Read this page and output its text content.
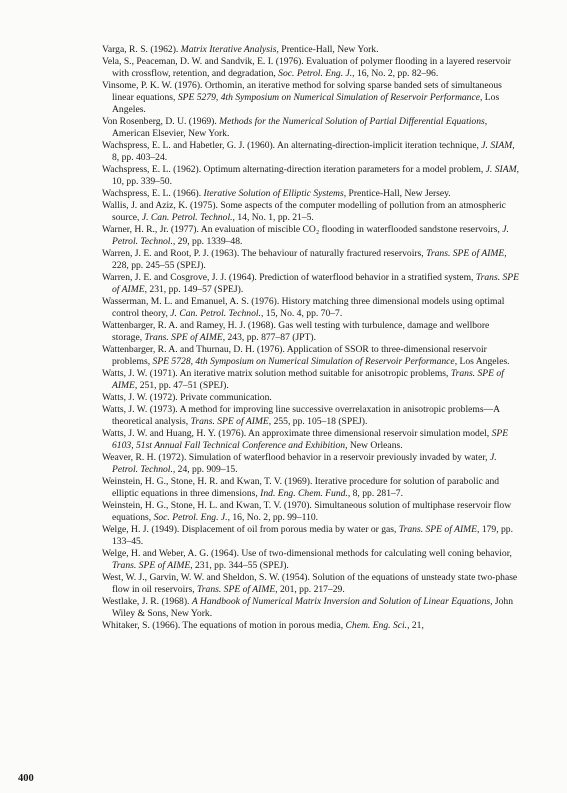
Varga, R. S. (1962). Matrix Iterative Analysis, Prentice-Hall, New York.

Vela, S., Peaceman, D. W. and Sandvik, E. I. (1976). Evaluation of polymer flooding in a layered reservoir with crossflow, retention, and degradation, Soc. Petrol. Eng. J., 16, No. 2, pp. 82–96.

Vinsome, P. K. W. (1976). Orthomin, an iterative method for solving sparse banded sets of simultaneous linear equations, SPE 5279, 4th Symposium on Numerical Simulation of Reservoir Performance, Los Angeles.

Von Rosenberg, D. U. (1969). Methods for the Numerical Solution of Partial Differential Equations, American Elsevier, New York.

Wachspress, E. L. and Habetler, G. J. (1960). An alternating-direction-implicit iteration technique, J. SIAM, 8, pp. 403–24.

Wachspress, E. L. (1962). Optimum alternating-direction iteration parameters for a model problem, J. SIAM, 10, pp. 339–50.

Wachspress, E. L. (1966). Iterative Solution of Elliptic Systems, Prentice-Hall, New Jersey.

Wallis, J. and Aziz, K. (1975). Some aspects of the computer modelling of pollution from an atmospheric source, J. Can. Petrol. Technol., 14, No. 1, pp. 21–5.

Warner, H. R., Jr. (1977). An evaluation of miscible CO₂ flooding in waterflooded sandstone reservoirs, J. Petrol. Technol., 29, pp. 1339–48.

Warren, J. E. and Root, P. J. (1963). The behaviour of naturally fractured reservoirs, Trans. SPE of AIME, 228, pp. 245–55 (SPEJ).

Warren, J. E. and Cosgrove, J. J. (1964). Prediction of waterflood behavior in a stratified system, Trans. SPE of AIME, 231, pp. 149–57 (SPEJ).

Wasserman, M. L. and Emanuel, A. S. (1976). History matching three dimensional models using optimal control theory, J. Can. Petrol. Technol., 15, No. 4, pp. 70–7.

Wattenbarger, R. A. and Ramey, H. J. (1968). Gas well testing with turbulence, damage and wellbore storage, Trans. SPE of AIME, 243, pp. 877–87 (JPT).

Wattenbarger, R. A. and Thurnau, D. H. (1976). Application of SSOR to three-dimensional reservoir problems, SPE 5728, 4th Symposium on Numerical Simulation of Reservoir Performance, Los Angeles.

Watts, J. W. (1971). An iterative matrix solution method suitable for anisotropic problems, Trans. SPE of AIME, 251, pp. 47–51 (SPEJ).

Watts, J. W. (1972). Private communication.

Watts, J. W. (1973). A method for improving line successive overrelaxation in anisotropic problems—A theoretical analysis, Trans. SPE of AIME, 255, pp. 105–18 (SPEJ).

Watts, J. W. and Huang, H. Y. (1976). An approximate three dimensional reservoir simulation model, SPE 6103, 51st Annual Fall Technical Conference and Exhibition, New Orleans.

Weaver, R. H. (1972). Simulation of waterflood behavior in a reservoir previously invaded by water, J. Petrol. Technol., 24, pp. 909–15.

Weinstein, H. G., Stone, H. R. and Kwan, T. V. (1969). Iterative procedure for solution of parabolic and elliptic equations in three dimensions, Ind. Eng. Chem. Fund., 8, pp. 281–7.

Weinstein, H. G., Stone, H. L. and Kwan, T. V. (1970). Simultaneous solution of multiphase reservoir flow equations, Soc. Petrol. Eng. J., 16, No. 2, pp. 99–110.

Welge, H. J. (1949). Displacement of oil from porous media by water or gas, Trans. SPE of AIME, 179, pp. 133–45.

Welge, H. and Weber, A. G. (1964). Use of two-dimensional methods for calculating well coning behavior, Trans. SPE of AIME, 231, pp. 344–55 (SPEJ).

West, W. J., Garvin, W. W. and Sheldon, S. W. (1954). Solution of the equations of unsteady state two-phase flow in oil reservoirs, Trans. SPE of AIME, 201, pp. 217–29.

Westlake, J. R. (1968). A Handbook of Numerical Matrix Inversion and Solution of Linear Equations, John Wiley & Sons, New York.

Whitaker, S. (1966). The equations of motion in porous media, Chem. Eng. Sci., 21,

400
